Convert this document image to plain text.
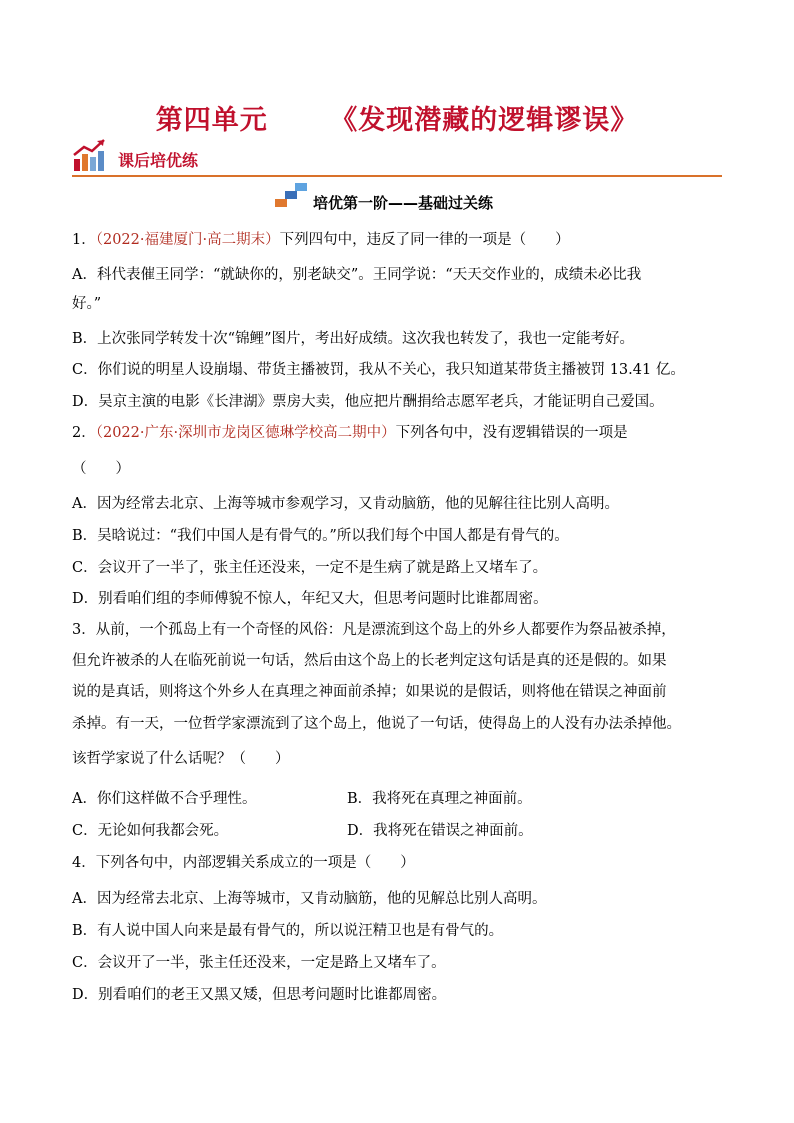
第四单元      《发现潜藏的逻辑谬误》
课后培优练
培优第一阶——基础过关练
1．（2022·福建厦门·高二期末）下列四句中，违反了同一律的一项是（　　）
A．科代表催王同学：“就缺你的，别老缺交”。王同学说：“天天交作业的，成绩未必比我
好。”
B．上次张同学转发十次“锦鲤”图片，考出好成绩。这次我也转发了，我也一定能考好。
C．你们说的明星人设崩塌、带货主播被罚，我从不关心，我只知道某带货主播被罚 13.41 亿。
D．吴京主演的电影《长津湖》票房大卖，他应把片酬捐给志愿军老兵，才能证明自己爱国。
2．（2022·广东·深圳市龙岗区德琳学校高二期中）下列各句中，没有逻辑错误的一项是
（　　）
A．因为经常去北京、上海等城市参观学习，又肯动脑筋，他的见解往往比别人高明。
B．吴晗说过：“我们中国人是有骨气的。”所以我们每个中国人都是有骨气的。
C．会议开了一半了，张主任还没来，一定不是生病了就是路上又堵车了。
D．别看咱们组的李师傅貌不惊人，年纪又大，但思考问题时比谁都周密。
3．从前，一个孤岛上有一个奇怪的风俗：凡是漂流到这个岛上的外乡人都要作为祭品被杀掉，
但允许被杀的人在临死前说一句话，然后由这个岛上的长老判定这句话是真的还是假的。如果
说的是真话，则将这个外乡人在真理之神面前杀掉；如果说的是假话，则将他在错误之神面前
杀掉。有一天，一位哲学家漂流到了这个岛上，他说了一句话，使得岛上的人没有办法杀掉他。
该哲学家说了什么话呢？（　　）
A．你们这样做不合乎理性。	B．我将死在真理之神面前。
C．无论如何我都会死。	D．我将死在错误之神面前。
4．下列各句中，内部逻辑关系成立的一项是（　　）
A．因为经常去北京、上海等城市，又肯动脑筋，他的见解总比别人高明。
B．有人说中国人向来是最有骨气的，所以说汪精卫也是有骨气的。
C．会议开了一半，张主任还没来，一定是路上又堵车了。
D．别看咱们的老王又黑又矮，但思考问题时比谁都周密。
